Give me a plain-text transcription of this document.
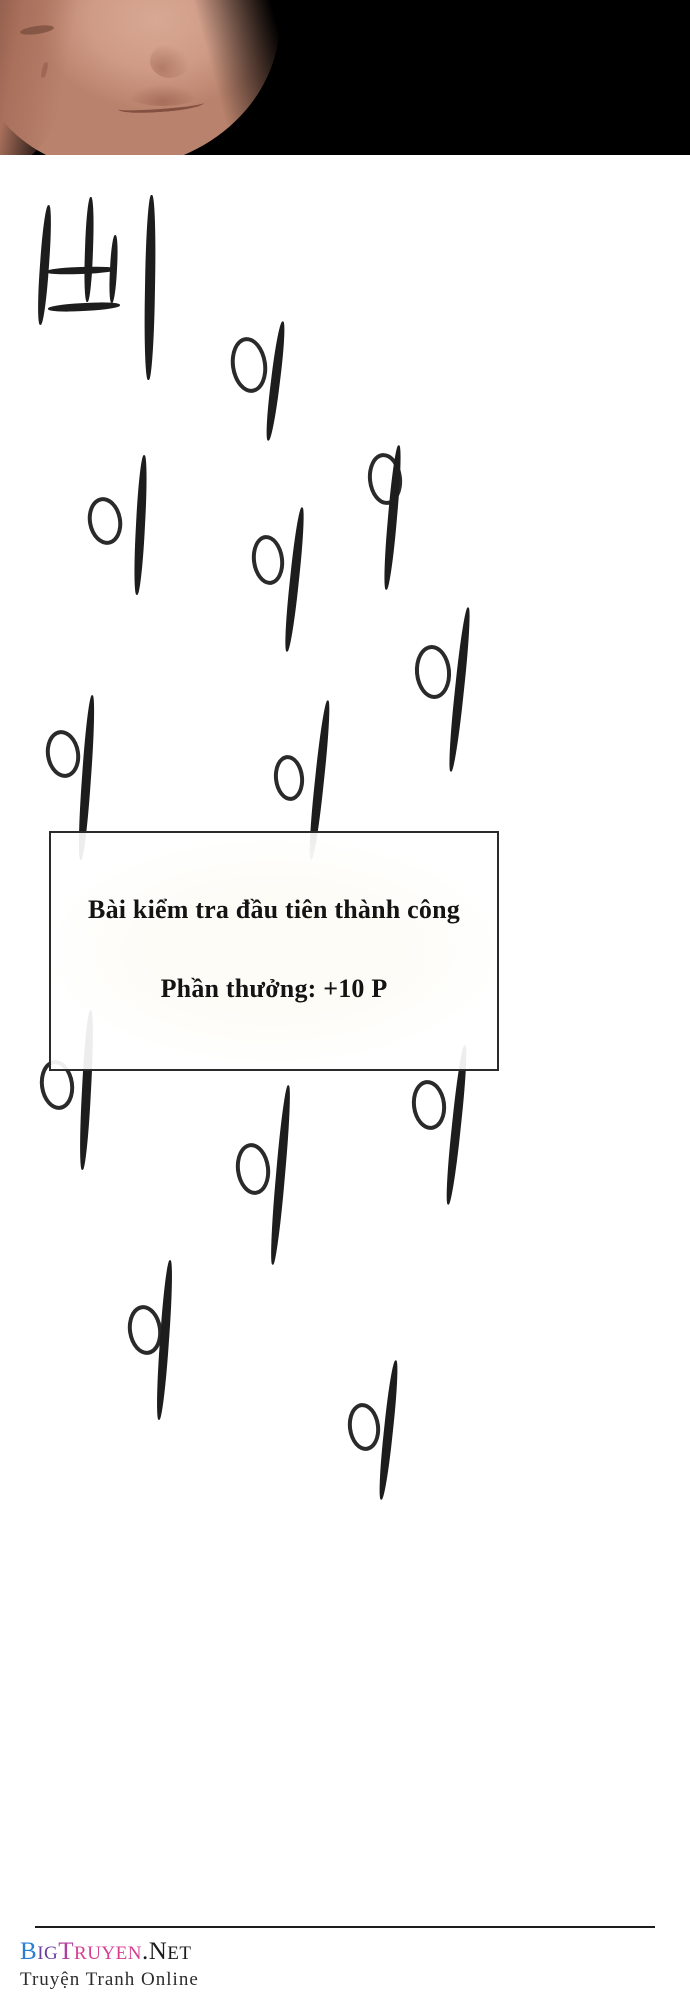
Bài kiểm tra đầu tiên thành công
Phần thưởng: +10 P
BIGTRUYEN.NET
Truyện Tranh Online
